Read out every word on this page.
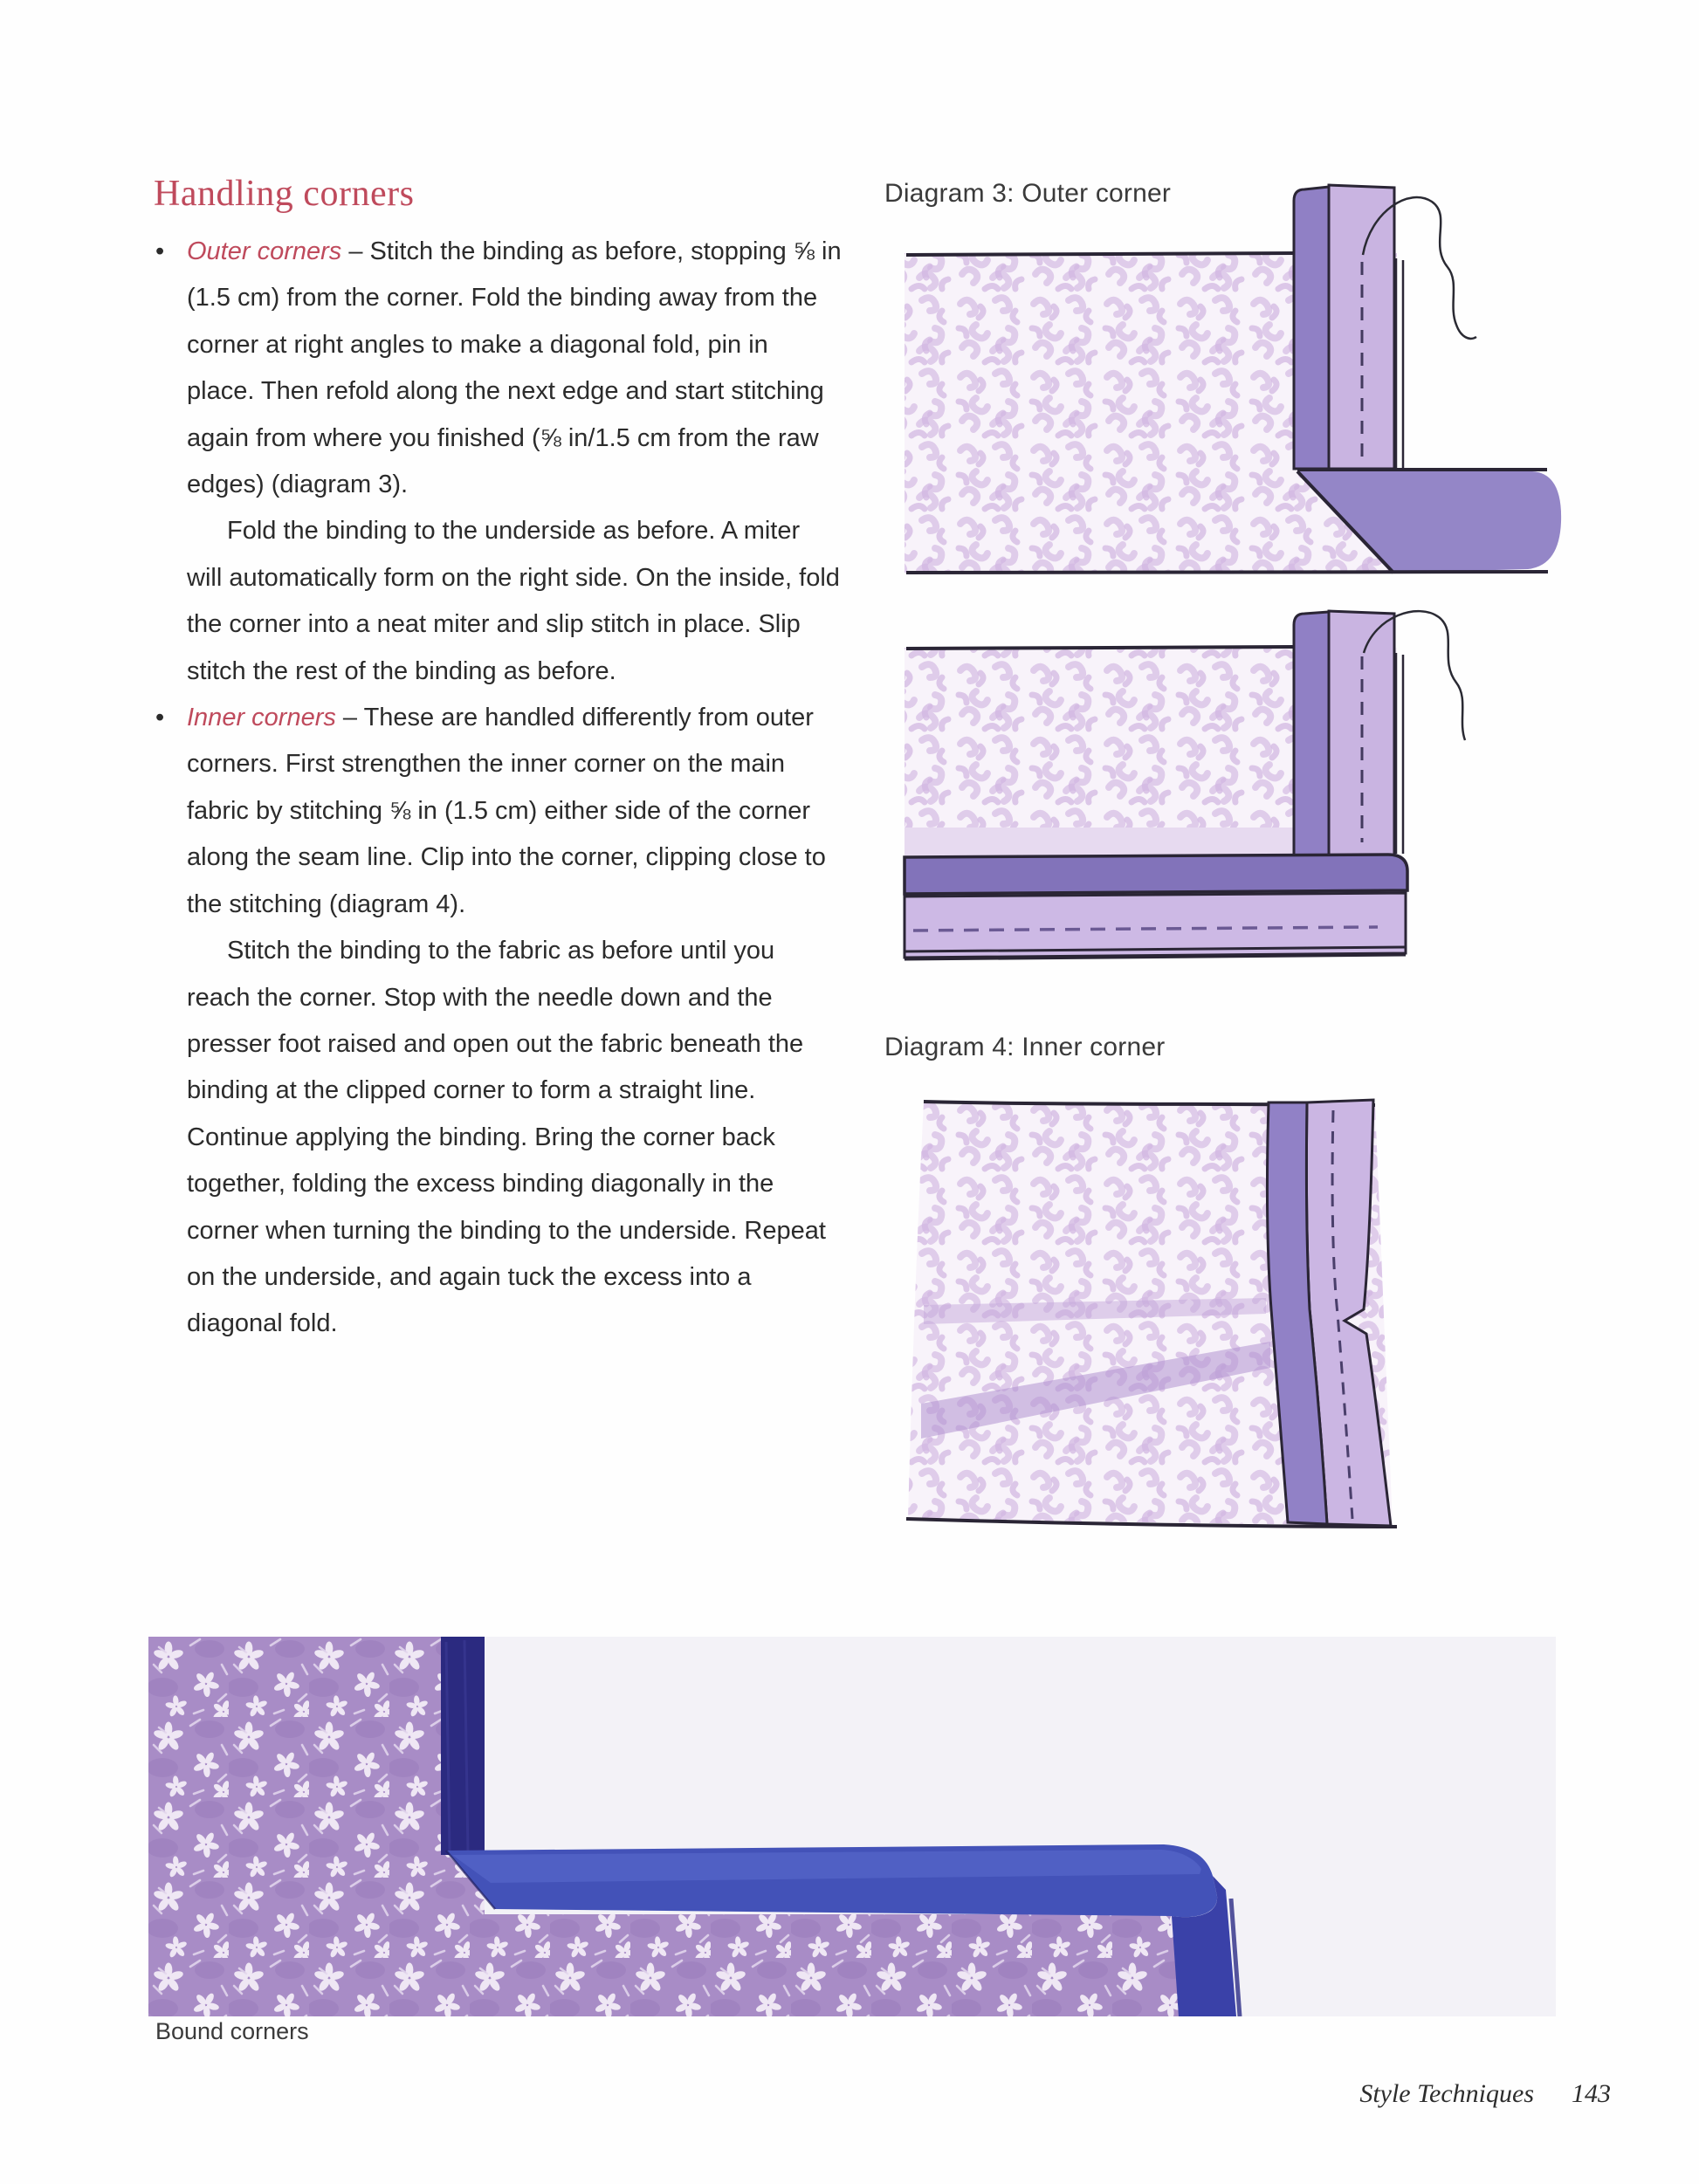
Handling corners
• Outer corners – Stitch the binding as before, stopping ⅝ in (1.5 cm) from the corner. Fold the binding away from the corner at right angles to make a diagonal fold, pin in place. Then refold along the next edge and start stitching again from where you finished (⅝ in/1.5 cm from the raw edges) (diagram 3).

Fold the binding to the underside as before. A miter will automatically form on the right side. On the inside, fold the corner into a neat miter and slip stitch in place. Slip stitch the rest of the binding as before.

• Inner corners – These are handled differently from outer corners. First strengthen the inner corner on the main fabric by stitching ⅝ in (1.5 cm) either side of the corner along the seam line. Clip into the corner, clipping close to the stitching (diagram 4).

Stitch the binding to the fabric as before until you reach the corner. Stop with the needle down and the presser foot raised and open out the fabric beneath the binding at the clipped corner to form a straight line. Continue applying the binding. Bring the corner back together, folding the excess binding diagonally in the corner when turning the binding to the underside. Repeat on the underside, and again tuck the excess into a diagonal fold.

Diagram 3: Outer corner
Diagram 4: Inner corner
Bound corners
Style Techniques 143
